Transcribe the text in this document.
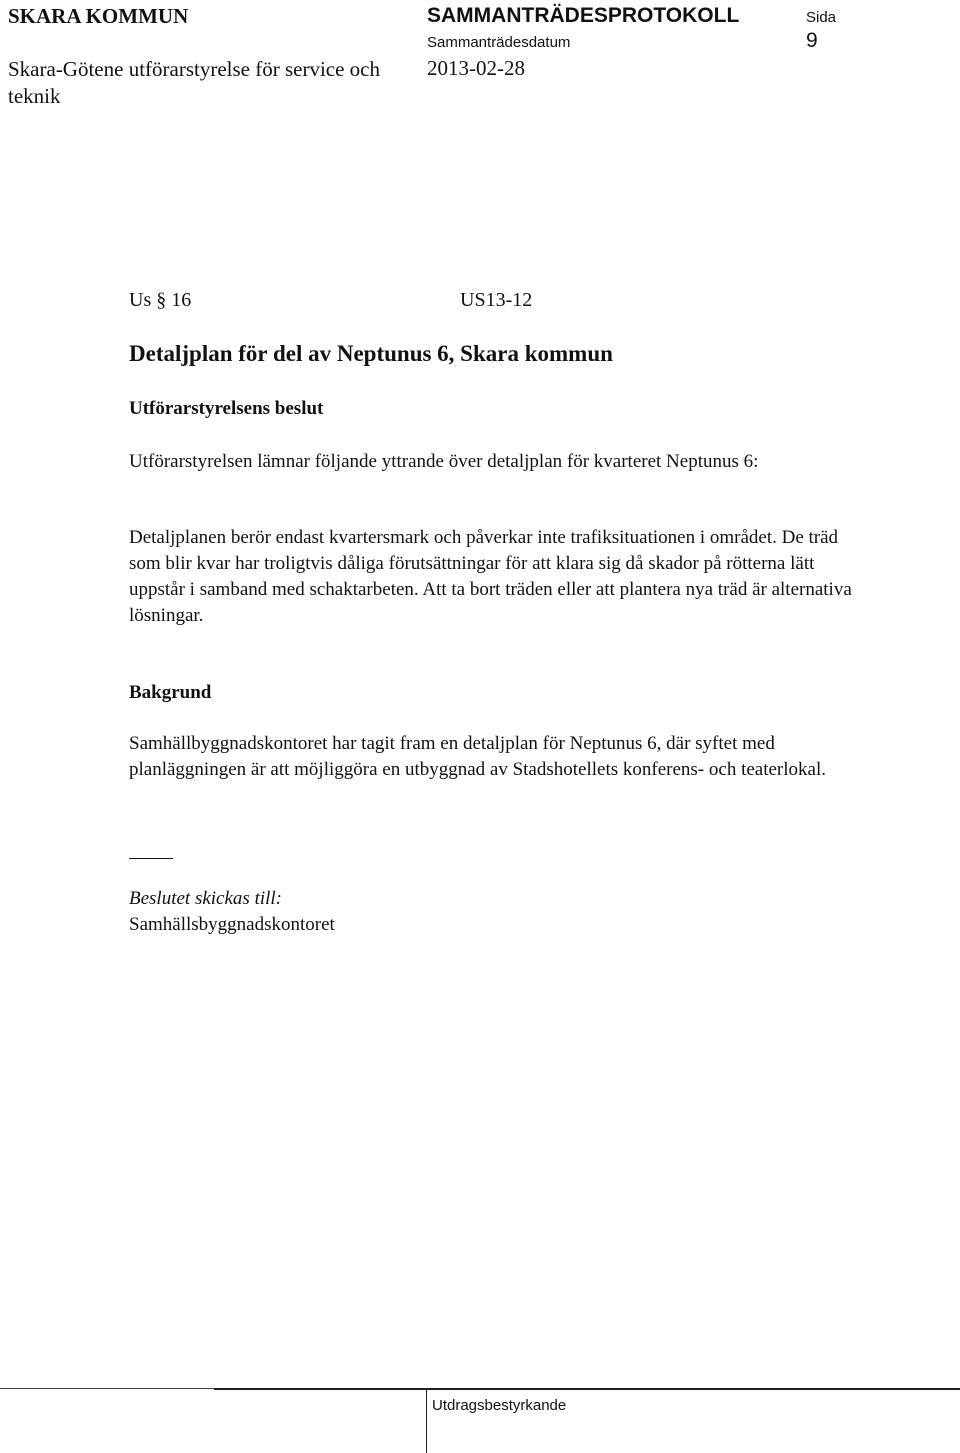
SKARA KOMMUN	SAMMANTRÄDESPROTOKOLL	Sida
Sammanträdesdatum	9
Skara-Götene utförarstyrelse för service och teknik
2013-02-28
Us § 16	US13-12
Detaljplan för del av Neptunus 6, Skara kommun
Utförarstyrelsens beslut
Utförarstyrelsen lämnar följande yttrande över detaljplan för kvarteret Neptunus 6:
Detaljplanen berör endast kvartersmark och påverkar inte trafiksituationen i området. De träd som blir kvar har troligtvis dåliga förutsättningar för att klara sig då skador på rötterna lätt uppstår i samband med schaktarbeten. Att ta bort träden eller att plantera nya träd är alternativa lösningar.
Bakgrund
Samhällbyggnadskontoret har tagit fram en detaljplan för Neptunus 6, där syftet med planläggningen är att möjliggöra en utbyggnad av Stadshotellets konferens- och teaterlokal.
Beslutet skickas till:
Samhällsbyggnadskontoret
Utdragsbestyrkande
